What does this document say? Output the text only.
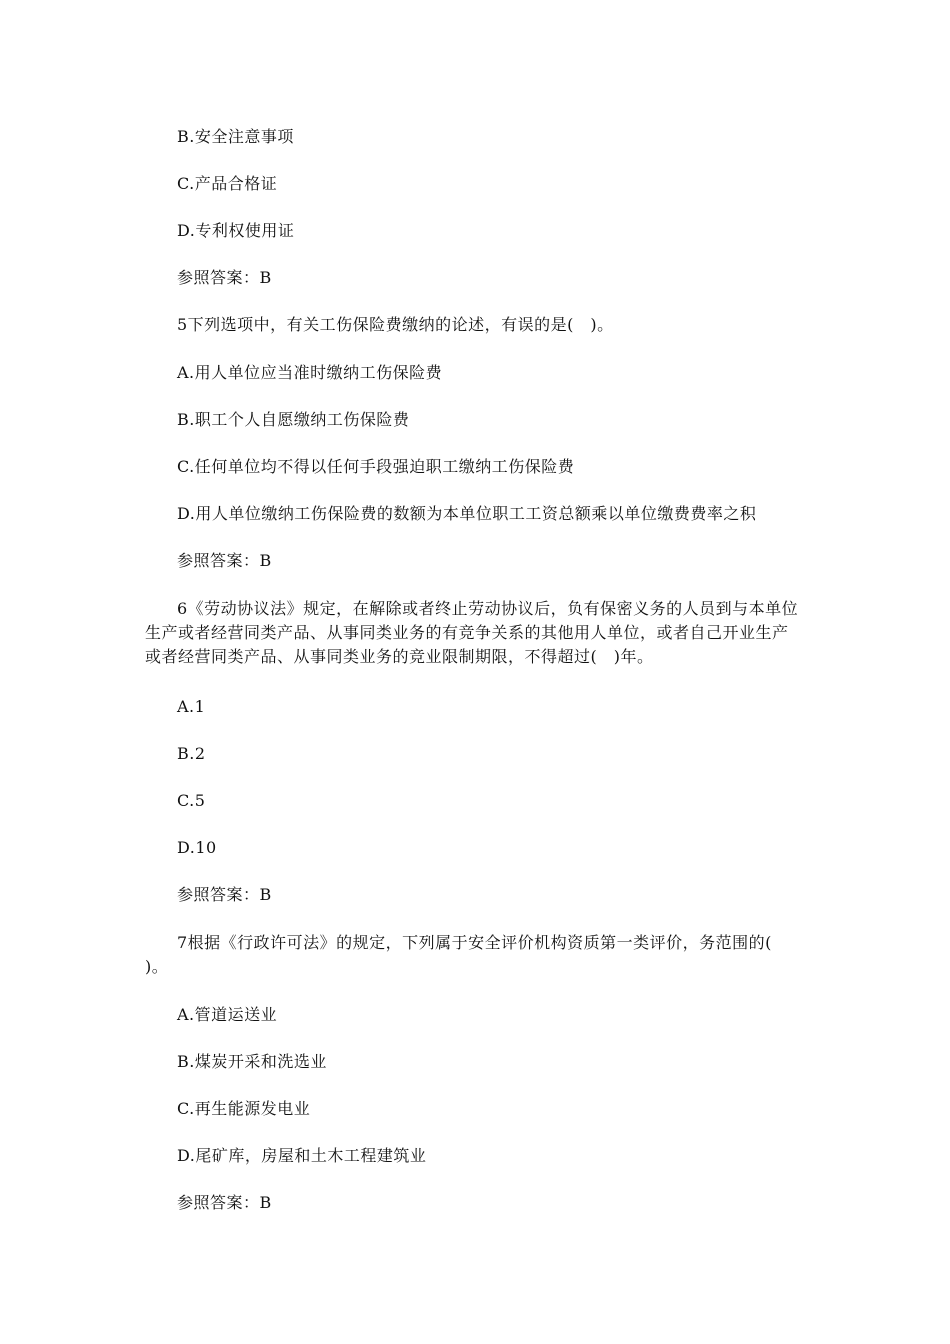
B.安全注意事项
C.产品合格证
D.专利权使用证
参照答案：B
5下列选项中，有关工伤保险费缴纳的论述，有误的是(　)。
A.用人单位应当准时缴纳工伤保险费
B.职工个人自愿缴纳工伤保险费
C.任何单位均不得以任何手段强迫职工缴纳工伤保险费
D.用人单位缴纳工伤保险费的数额为本单位职工工资总额乘以单位缴费费率之积
参照答案：B
6《劳动协议法》规定，在解除或者终止劳动协议后，负有保密义务的人员到与本单位
生产或者经营同类产品、从事同类业务的有竞争关系的其他用人单位，或者自己开业生产
或者经营同类产品、从事同类业务的竞业限制期限，不得超过(　)年。
A.1
B.2
C.5
D.10
参照答案：B
7根据《行政许可法》的规定，下列属于安全评价机构资质第一类评价，务范围的(
)。
A.管道运送业
B.煤炭开采和洗选业
C.再生能源发电业
D.尾矿库，房屋和土木工程建筑业
参照答案：B
